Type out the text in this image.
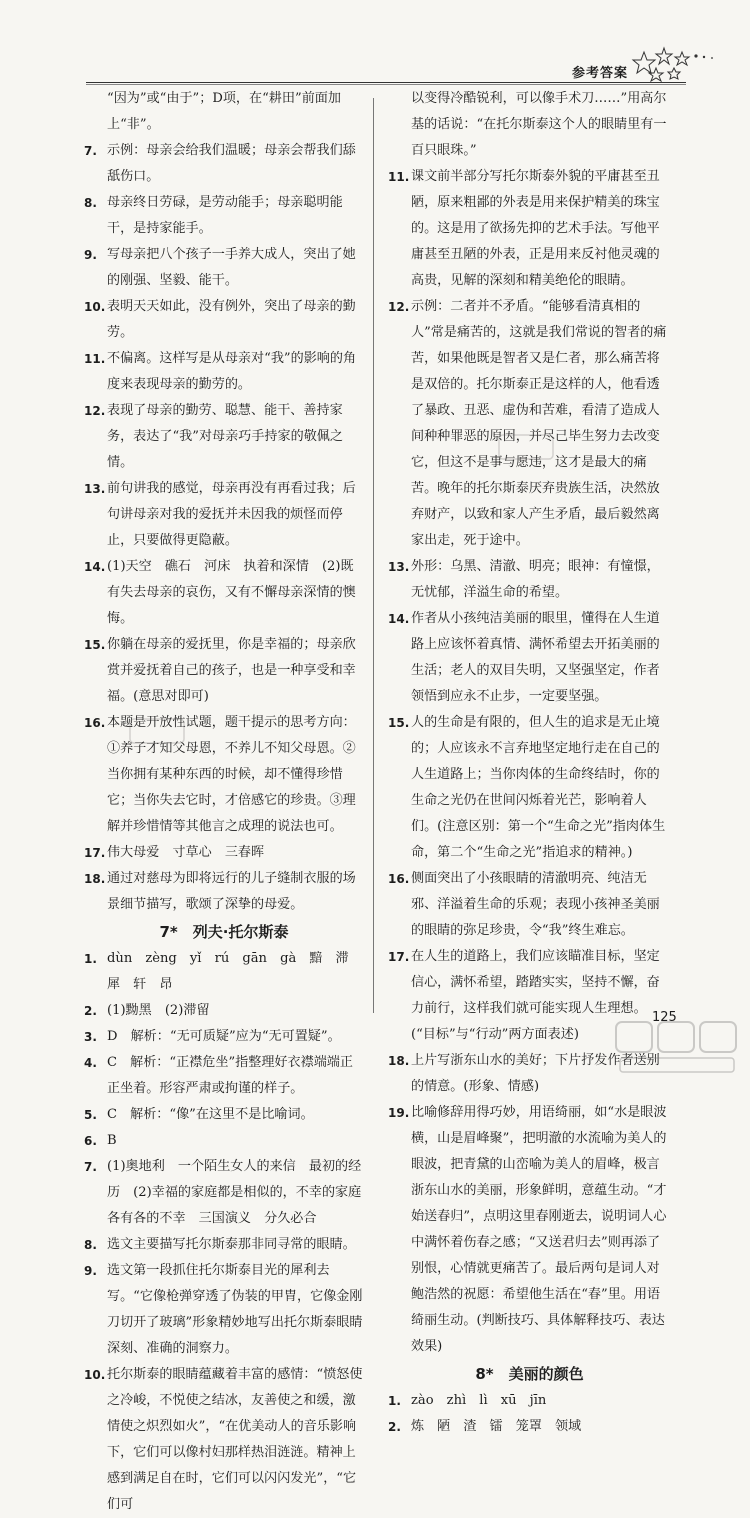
参考答案
“因为”或“由于”；D项，在“耕田”前面加上“非”。
7. 示例：母亲会给我们温暖；母亲会帮我们舔舐伤口。
8. 母亲终日劳碌，是劳动能手；母亲聪明能干，是持家能手。
9. 写母亲把八个孩子一手养大成人，突出了她的刚强、坚毅、能干。
10. 表明天天如此，没有例外，突出了母亲的勤劳。
11. 不偏离。这样写是从母亲对“我”的影响的角度来表现母亲的勤劳的。
12. 表现了母亲的勤劳、聪慧、能干、善持家务，表达了“我”对母亲巧手持家的敬佩之情。
13. 前句讲我的感觉，母亲再没有再看过我；后句讲母亲对我的爱抚并未因我的烦怪而停止，只要做得更隐蔽。
14. (1)天空　礁石　河床　执着和深情　(2)既有失去母亲的哀伤，又有不懈母亲深情的懊悔。
15. 你躺在母亲的爱抚里，你是幸福的；母亲欣赏并爱抚着自己的孩子，也是一种享受和幸福。(意思对即可)
16. 本题是开放性试题，题干提示的思考方向：①养子才知父母恩，不养儿不知父母恩。②当你拥有某种东西的时候，却不懂得珍惜它；当你失去它时，才倍感它的珍贵。③理解并珍惜情等其他言之成理的说法也可。
17. 伟大母爱　寸草心　三春晖
18. 通过对慈母为即将远行的儿子缝制衣服的场景细节描写，歌颂了深挚的母爱。
7*　列夫·托尔斯泰
1. dùn　zèng　yǐ　rú　gān　gà　黯　滞　犀　轩　昂
2. (1)黝黑　(2)滞留
3. D　解析：“无可质疑”应为“无可置疑”。
4. C　解析：“正襟危坐”指整理好衣襟端端正正坐着。形容严肃或拘谨的样子。
5. C　解析：“像”在这里不是比喻词。
6. B
7. (1)奥地利　一个陌生女人的来信　最初的经历　(2)幸福的家庭都是相似的，不幸的家庭各有各的不幸　三国演义　分久必合
8. 选文主要描写托尔斯泰那非同寻常的眼睛。
9. 选文第一段抓住托尔斯泰目光的犀利去写。“它像枪弹穿透了伪装的甲胄，它像金刚刀切开了玻璃”形象精妙地写出托尔斯泰眼睛深刻、准确的洞察力。
10. 托尔斯泰的眼睛蕴藏着丰富的感情：“愤怒使之冷峻，不悦使之结冰，友善使之和缓，激情使之炽烈如火”，“在优美动人的音乐影响下，它们可以像村妇那样热泪涟涟。精神上感到满足自在时，它们可以闪闪发光”，“它们可
以变得冷酷锐利，可以像手术刀……”用高尔基的话说：“在托尔斯泰这个人的眼睛里有一百只眼珠。”
11. 课文前半部分写托尔斯泰外貌的平庸甚至丑陋，原来粗鄙的外表是用来保护精美的珠宝的。这是用了欲扬先抑的艺术手法。写他平庸甚至丑陋的外表，正是用来反衬他灵魂的高贵，见解的深刻和精美绝伦的眼睛。
12. 示例：二者并不矛盾。“能够看清真相的人”常是痛苦的，这就是我们常说的智者的痛苦，如果他既是智者又是仁者，那么痛苦将是双倍的。托尔斯泰正是这样的人，他看透了暴政、丑恶、虚伪和苦难，看清了造成人间种种罪恶的原因，并尽己毕生努力去改变它，但这不是事与愿违，这才是最大的痛苦。晚年的托尔斯泰厌弃贵族生活，决然放弃财产，以致和家人产生矛盾，最后毅然离家出走，死于途中。
13. 外形：乌黑、清澈、明亮；眼神：有憧憬，无忧郁，洋溢生命的希望。
14. 作者从小孩纯洁美丽的眼里，懂得在人生道路上应该怀着真情、满怀希望去开拓美丽的生活；老人的双目失明，又坚强坚定，作者领悟到应永不止步，一定要坚强。
15. 人的生命是有限的，但人生的追求是无止境的；人应该永不言弃地坚定地行走在自己的人生道路上；当你肉体的生命终结时，你的生命之光仍在世间闪烁着光芒，影响着人们。(注意区别：第一个“生命之光”指肉体生命，第二个“生命之光”指追求的精神。)
16. 侧面突出了小孩眼睛的清澈明亮、纯洁无邪、洋溢着生命的乐观；表现小孩神圣美丽的眼睛的弥足珍贵，令“我”终生难忘。
17. 在人生的道路上，我们应该瞄准目标，坚定信心，满怀希望，踏踏实实，坚持不懈，奋力前行，这样我们就可能实现人生理想。(“目标”与“行动”两方面表述)
18. 上片写浙东山水的美好；下片抒发作者送别的情意。(形象、情感)
19. 比喻修辞用得巧妙，用语绮丽，如“水是眼波横，山是眉峰聚”，把明澈的水流喻为美人的眼波，把青黛的山峦喻为美人的眉峰，极言浙东山水的美丽，形象鲜明，意蕴生动。“才始送春归”，点明这里春刚逝去，说明词人心中满怀着伤春之感；“又送君归去”则再添了别恨，心情就更痛苦了。最后两句是词人对鲍浩然的祝愿：希望他生活在“春”里。用语绮丽生动。(判断技巧、具体解释技巧、表达效果)
8*　美丽的颜色
1. zào　zhì　lì　xū　jīn
2. 炼　陋　渣　镭　笼罩　领域
125
